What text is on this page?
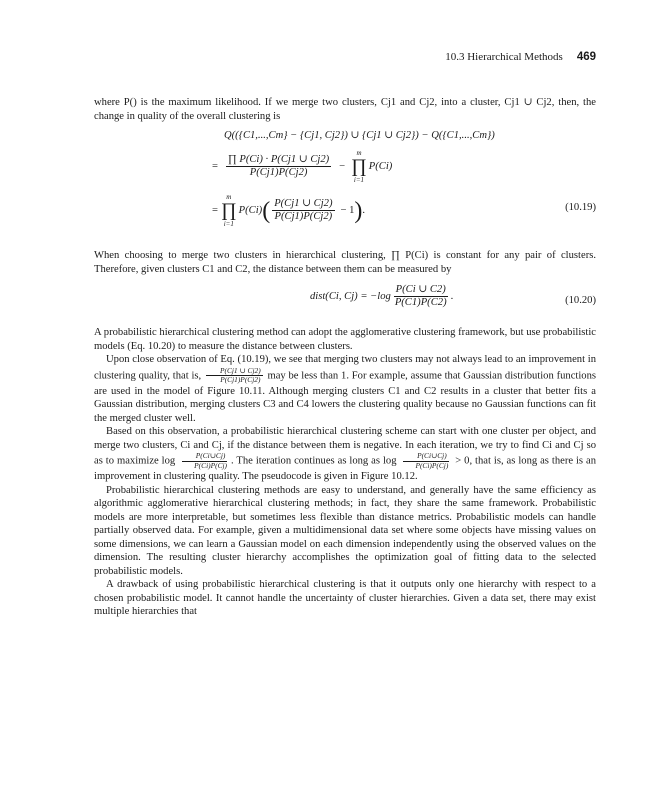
10.3 Hierarchical Methods 469

where P() is the maximum likelihood. If we merge two clusters, Cj1 and Cj2, into a cluster, Cj1 ∪ Cj2, then, the change in quality of the overall clustering is

Q(({C1,...,Cm} − {Cj1, Cj2}) ∪ {Cj1 ∪ Cj2}) − Q({C1,...,Cm})
= $\frac{\prod P(Ci) \cdot P(Cj1 \cup Cj2)}{P(Cj1)P(Cj2)}$ −
m
∏
i=1
P(Ci)
=
m
∏
i=1
P(Ci) ( $\frac{P(Cj1 \cup Cj2)}{P(Cj1)P(Cj2)} - 1$ ) .	(10.19)

When choosing to merge two clusters in hierarchical clustering, ∏ P(Ci) is constant for any pair of clusters. Therefore, given clusters C1 and C2, the distance between them can be measured by

dist(Ci, $Cj) = -\log \frac{P(Ci \cup C2)}{P(C1)P(C2)}$ .	(10.20)

A probabilistic hierarchical clustering method can adopt the agglomerative clustering framework, but use probabilistic models (Eq. 10.20) to measure the distance between clusters.

Upon close observation of Eq. (10.19), we see that merging two clusters may not always lead to an improvement in clustering quality, that is, $\frac{P(Cj1 \cup Cj2)}{P(Cj1)P(Cj2)}$ may be less than 1. For example, assume that Gaussian distribution functions are used in the model of Figure 10.11. Although merging clusters C1 and C2 results in a cluster that better fits a Gaussian distribution, merging clusters C3 and C4 lowers the clustering quality because no Gaussian functions can fit the merged cluster well.

Based on this observation, a probabilistic hierarchical clustering scheme can start with one cluster per object, and merge two clusters, Ci and Cj, if the distance between them is negative. In each iteration, we try to find Ci and Cj so as to maximize $\log \frac{P(Ci\cup Cj)}{P(Ci)P(Cj)}$ . The iteration continues as long as $\log \frac{P(Ci\cup Cj)}{P(Ci)P(Cj)} > 0$, that is, as long as there is an improvement in clustering quality. The pseudocode is given in Figure 10.12.

Probabilistic hierarchical clustering methods are easy to understand, and generally have the same efficiency as algorithmic agglomerative hierarchical clustering methods; in fact, they share the same framework. Probabilistic models are more interpretable, but sometimes less flexible than distance metrics. Probabilistic models can handle partially observed data. For example, given a multidimensional data set where some objects have missing values on some dimensions, we can learn a Gaussian model on each dimension independently using the observed values on the dimension. The resulting cluster hierarchy accomplishes the optimization goal of fitting data to the selected probabilistic models.

A drawback of using probabilistic hierarchical clustering is that it outputs only one hierarchy with respect to a chosen probabilistic model. It cannot handle the uncertainty of cluster hierarchies. Given a data set, there may exist multiple hierarchies that
